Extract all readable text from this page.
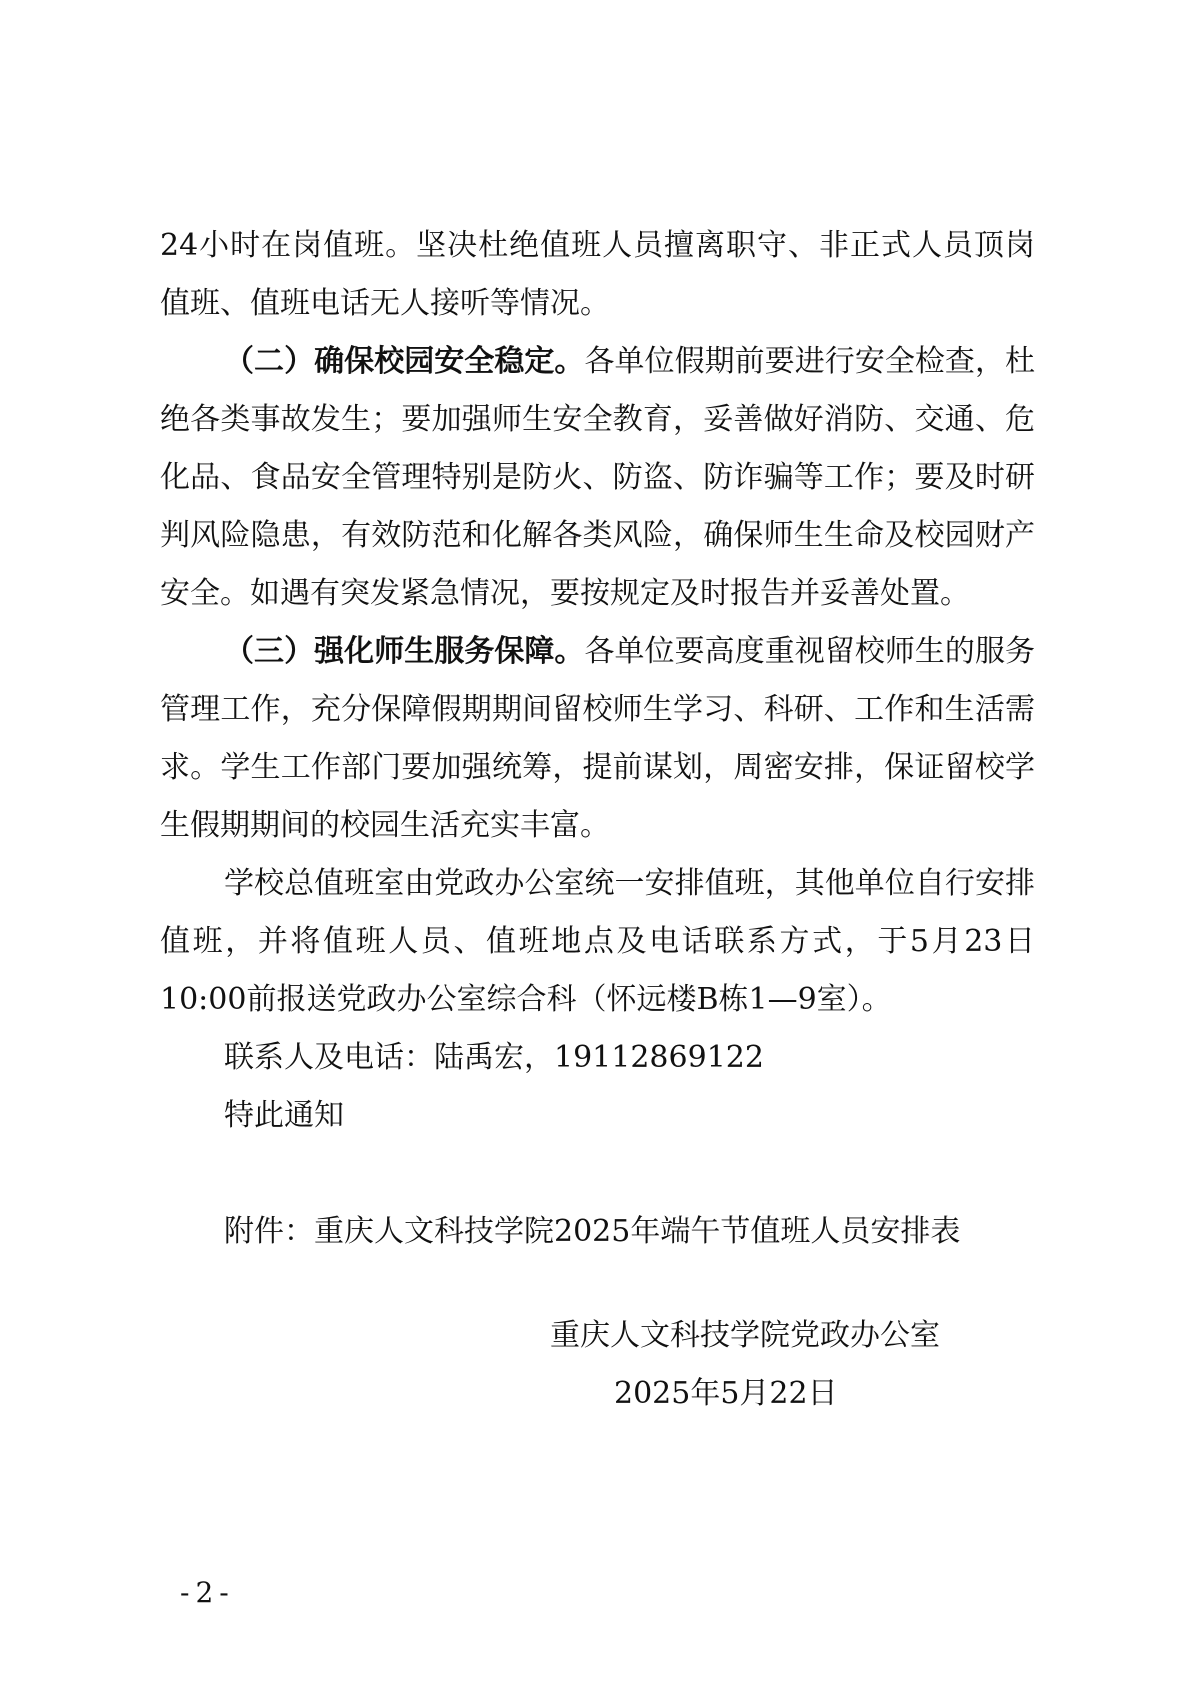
24小时在岗值班。坚决杜绝值班人员擅离职守、非正式人员顶岗值班、值班电话无人接听等情况。

（二）确保校园安全稳定。各单位假期前要进行安全检查，杜绝各类事故发生；要加强师生安全教育，妥善做好消防、交通、危化品、食品安全管理特别是防火、防盗、防诈骗等工作；要及时研判风险隐患，有效防范和化解各类风险，确保师生生命及校园财产安全。如遇有突发紧急情况，要按规定及时报告并妥善处置。

（三）强化师生服务保障。各单位要高度重视留校师生的服务管理工作，充分保障假期期间留校师生学习、科研、工作和生活需求。学生工作部门要加强统筹，提前谋划，周密安排，保证留校学生假期期间的校园生活充实丰富。

学校总值班室由党政办公室统一安排值班，其他单位自行安排值班，并将值班人员、值班地点及电话联系方式，于5月23日10:00前报送党政办公室综合科（怀远楼B栋1—9室）。

联系人及电话：陆禹宏，19112869122

特此通知

附件：重庆人文科技学院2025年端午节值班人员安排表

重庆人文科技学院党政办公室
2025年5月22日
-2-
